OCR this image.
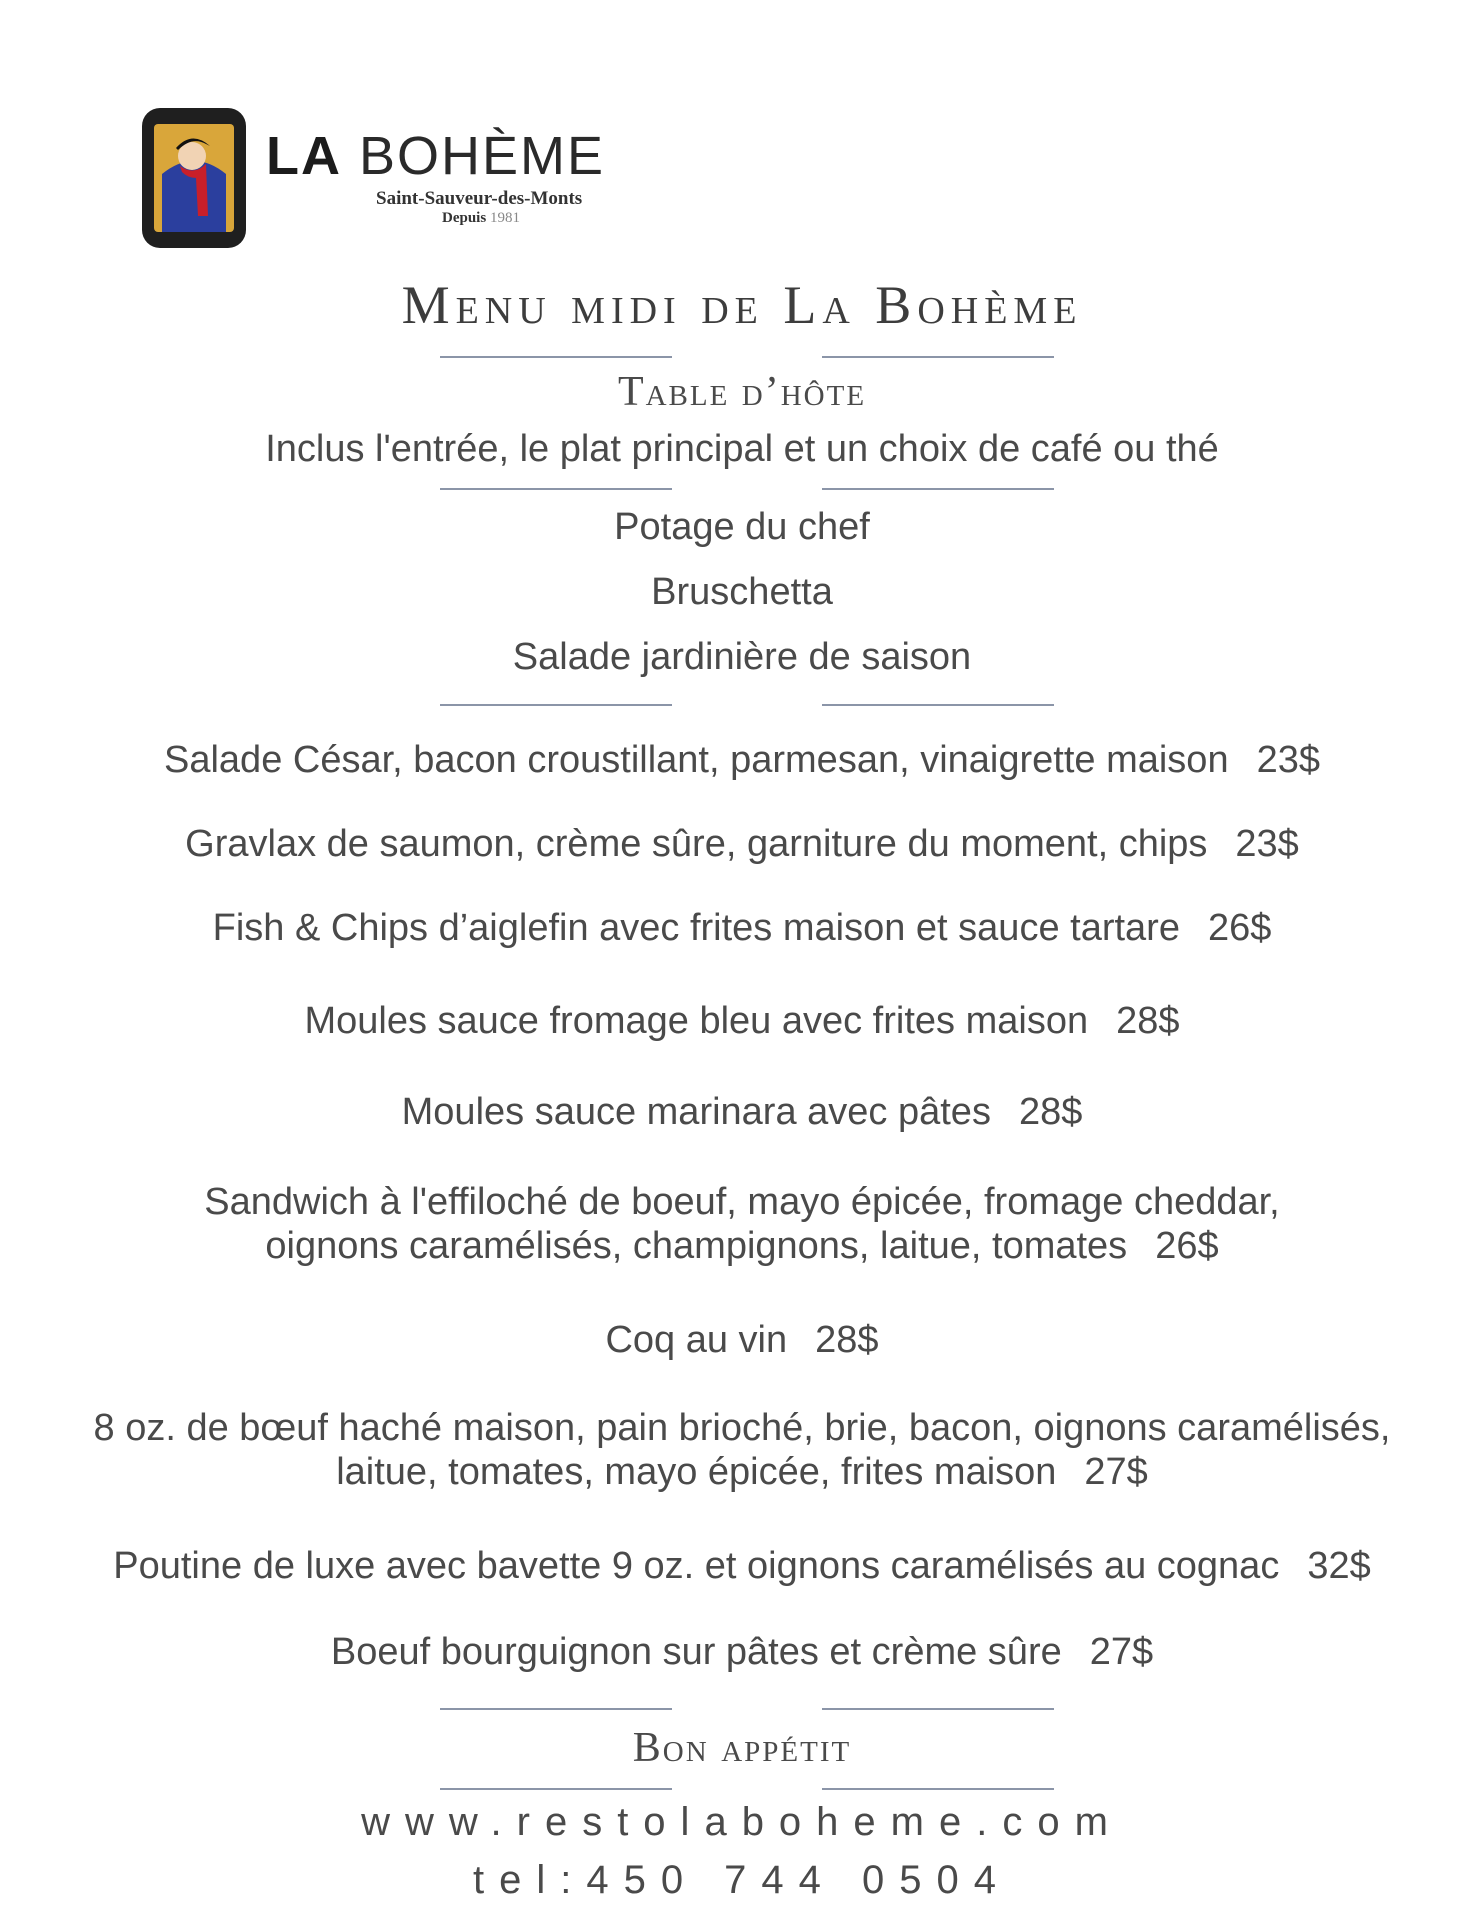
LA BOHÈME
Saint-Sauveur-des-Monts
Depuis 1981
Menu midi de La Bohème
Table d’hôte
Inclus l'entrée, le plat principal et un choix de café ou thé
Potage du chef
Bruschetta
Salade jardinière de saison
Salade César, bacon croustillant, parmesan, vinaigrette maison 23$
Gravlax de saumon, crème sûre, garniture du moment, chips 23$
Fish & Chips d’aiglefin avec frites maison et sauce tartare 26$
Moules sauce fromage bleu avec frites maison 28$
Moules sauce marinara avec pâtes 28$
Sandwich à l'effiloché de boeuf, mayo épicée, fromage cheddar,
oignons caramélisés, champignons, laitue, tomates 26$
Coq au vin 28$
8 oz. de bœuf haché maison, pain brioché, brie, bacon, oignons caramélisés,
laitue, tomates, mayo épicée, frites maison 27$
Poutine de luxe avec bavette 9 oz. et oignons caramélisés au cognac 32$
Boeuf bourguignon sur pâtes et crème sûre 27$
Bon appétit
www.restolaboheme.com
tel:450 744 0504
